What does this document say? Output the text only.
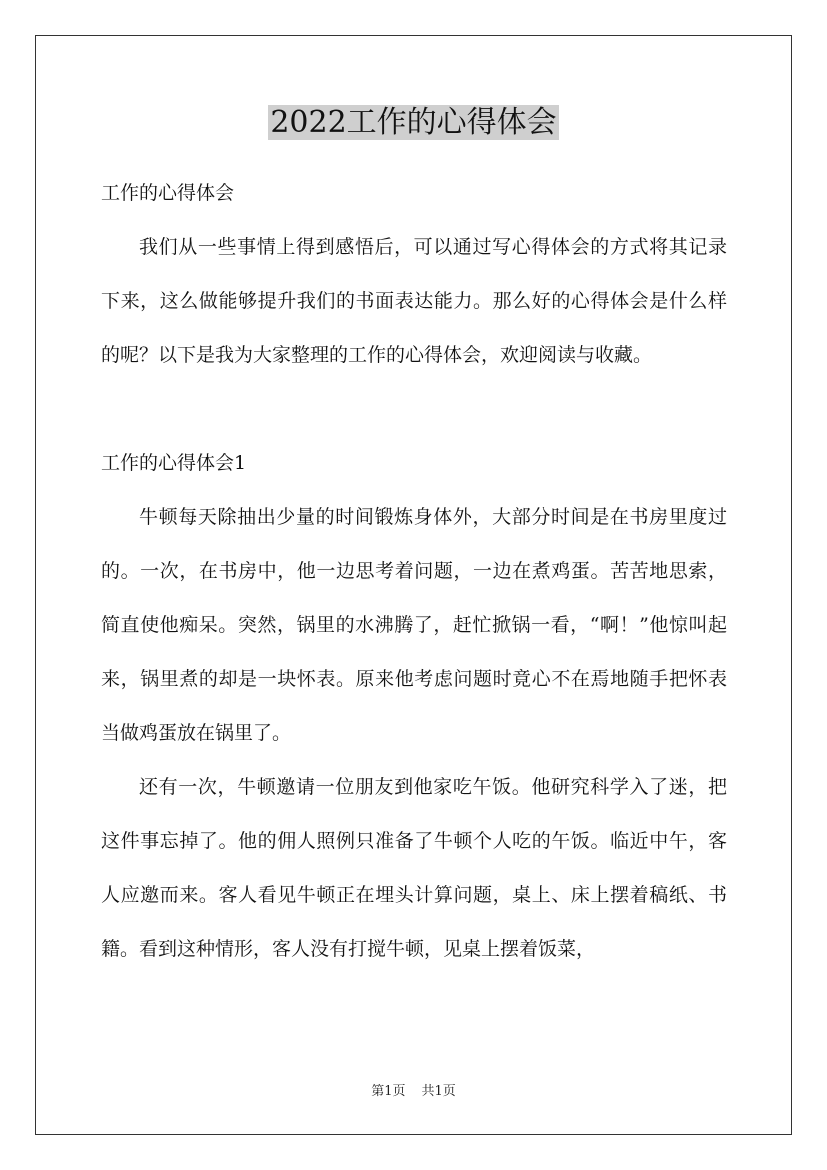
2022工作的心得体会

工作的心得体会

我们从一些事情上得到感悟后，可以通过写心得体会的方式将其记录下来，这么做能够提升我们的书面表达能力。那么好的心得体会是什么样的呢？以下是我为大家整理的工作的心得体会，欢迎阅读与收藏。

工作的心得体会1

牛顿每天除抽出少量的时间锻炼身体外，大部分时间是在书房里度过的。一次，在书房中，他一边思考着问题，一边在煮鸡蛋。苦苦地思索，简直使他痴呆。突然，锅里的水沸腾了，赶忙掀锅一看，“啊！”他惊叫起来，锅里煮的却是一块怀表。原来他考虑问题时竟心不在焉地随手把怀表当做鸡蛋放在锅里了。

还有一次，牛顿邀请一位朋友到他家吃午饭。他研究科学入了迷，把这件事忘掉了。他的佣人照例只准备了牛顿个人吃的午饭。临近中午，客人应邀而来。客人看见牛顿正在埋头计算问题，桌上、床上摆着稿纸、书籍。看到这种情形，客人没有打搅牛顿，见桌上摆着饭菜，

第1页 共1页
